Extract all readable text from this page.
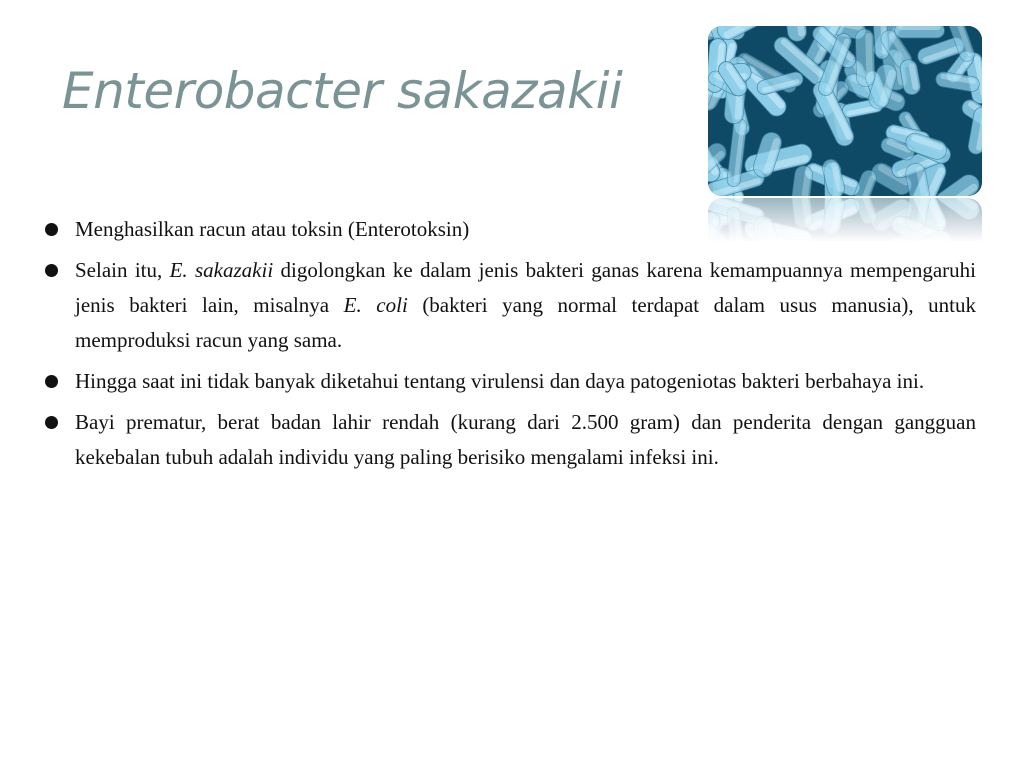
Enterobacter sakazakii
Menghasilkan racun atau toksin (Enterotoksin)
Selain itu, E. sakazakii digolongkan ke dalam jenis bakteri ganas karena kemampuannya mempengaruhi jenis bakteri lain, misalnya E. coli (bakteri yang normal terdapat dalam usus manusia), untuk memproduksi racun yang sama.
Hingga saat ini tidak banyak diketahui tentang virulensi dan daya patogeniotas bakteri berbahaya ini.
Bayi prematur, berat badan lahir rendah (kurang dari 2.500 gram) dan penderita dengan gangguan kekebalan tubuh adalah individu yang paling berisiko mengalami infeksi ini.
